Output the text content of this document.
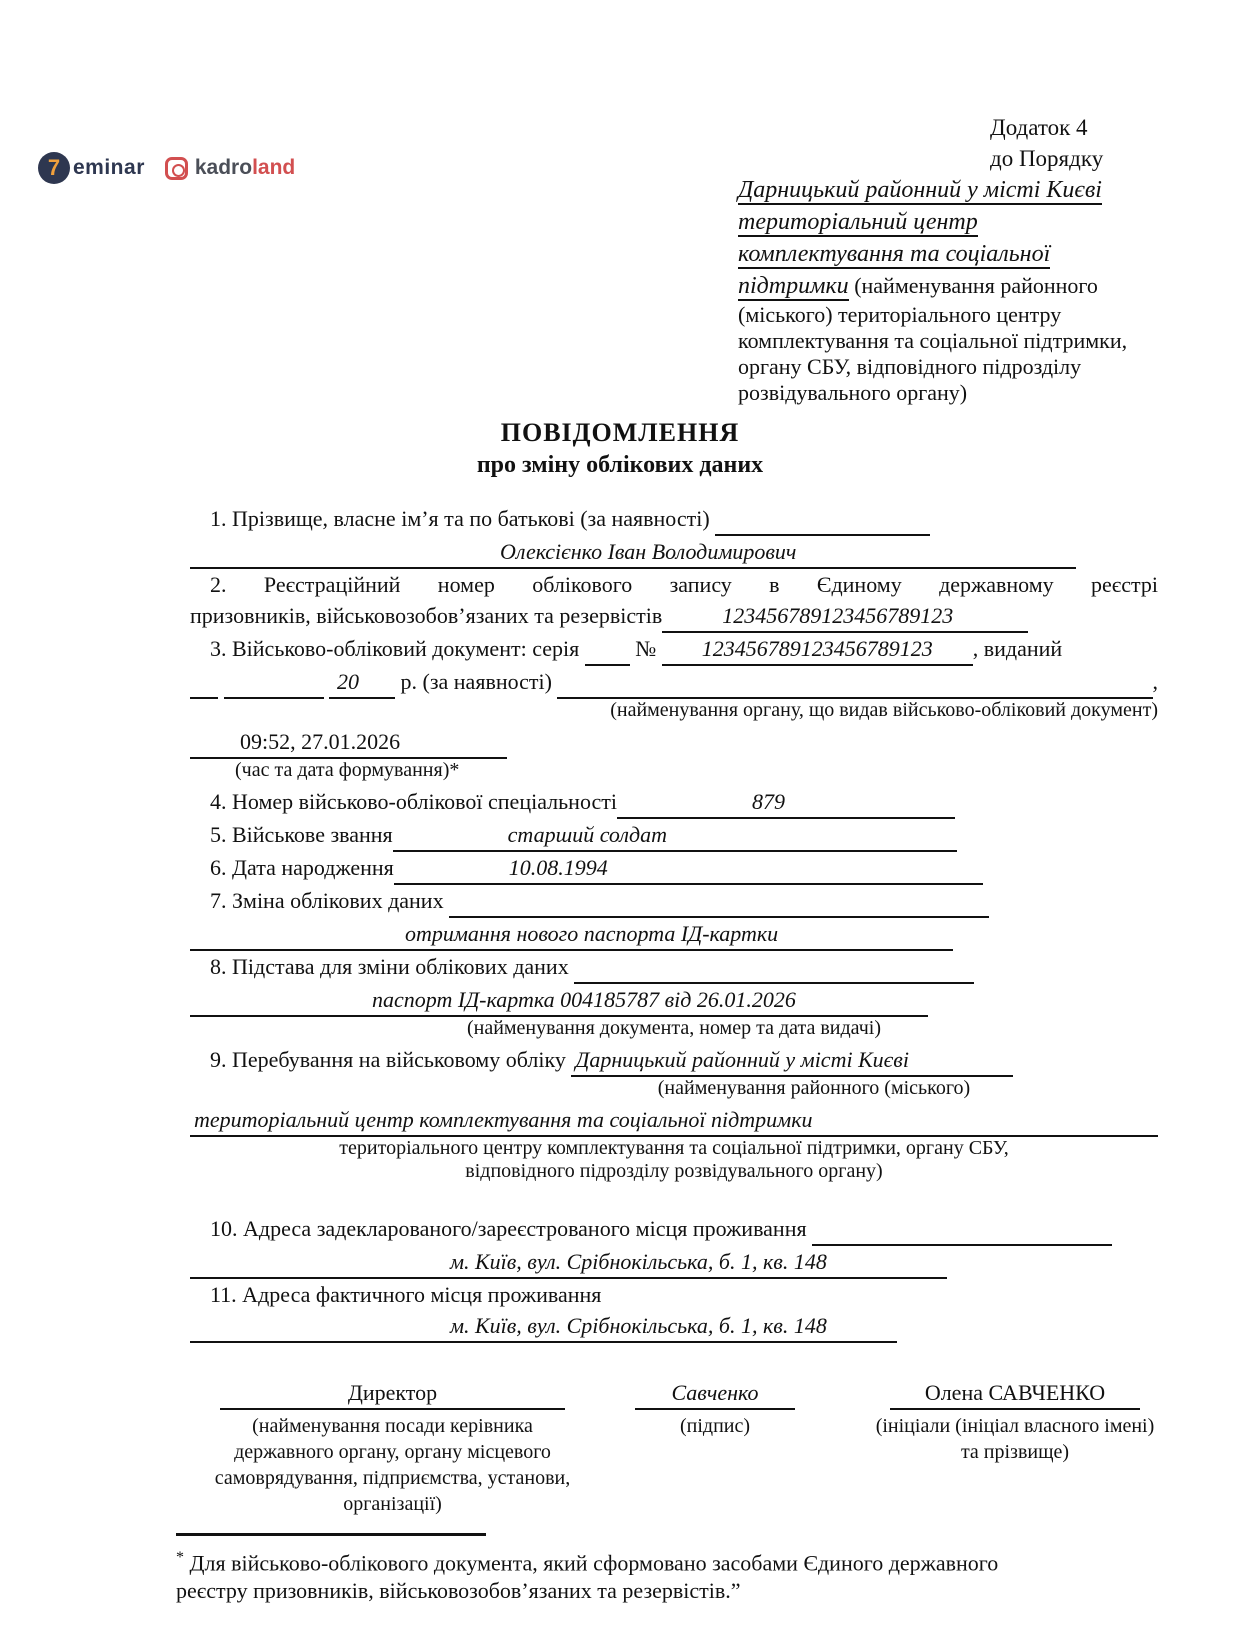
7 eminar kadroland
Додаток 4
до Порядку
Дарницький районний у місті Києві
територіальний центр
комплектування та соціальної
підтримки (найменування районного
(міського) територіального центру
комплектування та соціальної підтримки,
органу СБУ, відповідного підрозділу
розвідувального органу)
ПОВІДОМЛЕННЯ
про зміну облікових даних
1. Прізвище, власне ім’я та по батькові (за наявності)
Олексієнко Іван Володимирович
2. Реєстраційний номер облікового запису в Єдиному державному реєстрі
призовників, військовозобов’язаних та резервістів	123456789123456789123
3. Військово-обліковий документ: серія №	123456789123456789123	, виданий

20	р. (за наявності)	,
(найменування органу, що видав військово-обліковий документ)
09:52, 27.01.2026
(час та дата формування)*
4. Номер військово-облікової спеціальності	879
5. Військове звання	старший солдат
6. Дата народження	10.08.1994
7. Зміна облікових даних
отримання нового паспорта ІД-картки
8. Підстава для зміни облікових даних
паспорт ІД-картка 004185787 від 26.01.2026
(найменування документа, номер та дата видачі)
9. Перебування на військовому обліку Дарницький районний у місті Києві
(найменування районного (міського)
територіальний центр комплектування та соціальної підтримки
територіального центру комплектування та соціальної підтримки, органу СБУ,
відповідного підрозділу розвідувального органу)
10. Адреса задекларованого/зареєстрованого місця проживання
м. Київ, вул. Срібнокільська, б. 1, кв. 148
11. Адреса фактичного місця проживання
м. Київ, вул. Срібнокільська, б. 1, кв. 148
Директор
(найменування посади керівника державного органу, органу місцевого самоврядування, підприємства, установи, організації)
Савченко
(підпис)
Олена САВЧЕНКО
(ініціали (ініціал власного імені) та прізвище)
* Для військово-облікового документа, який сформовано засобами Єдиного державного реєстру призовників, військовозобов’язаних та резервістів.”
